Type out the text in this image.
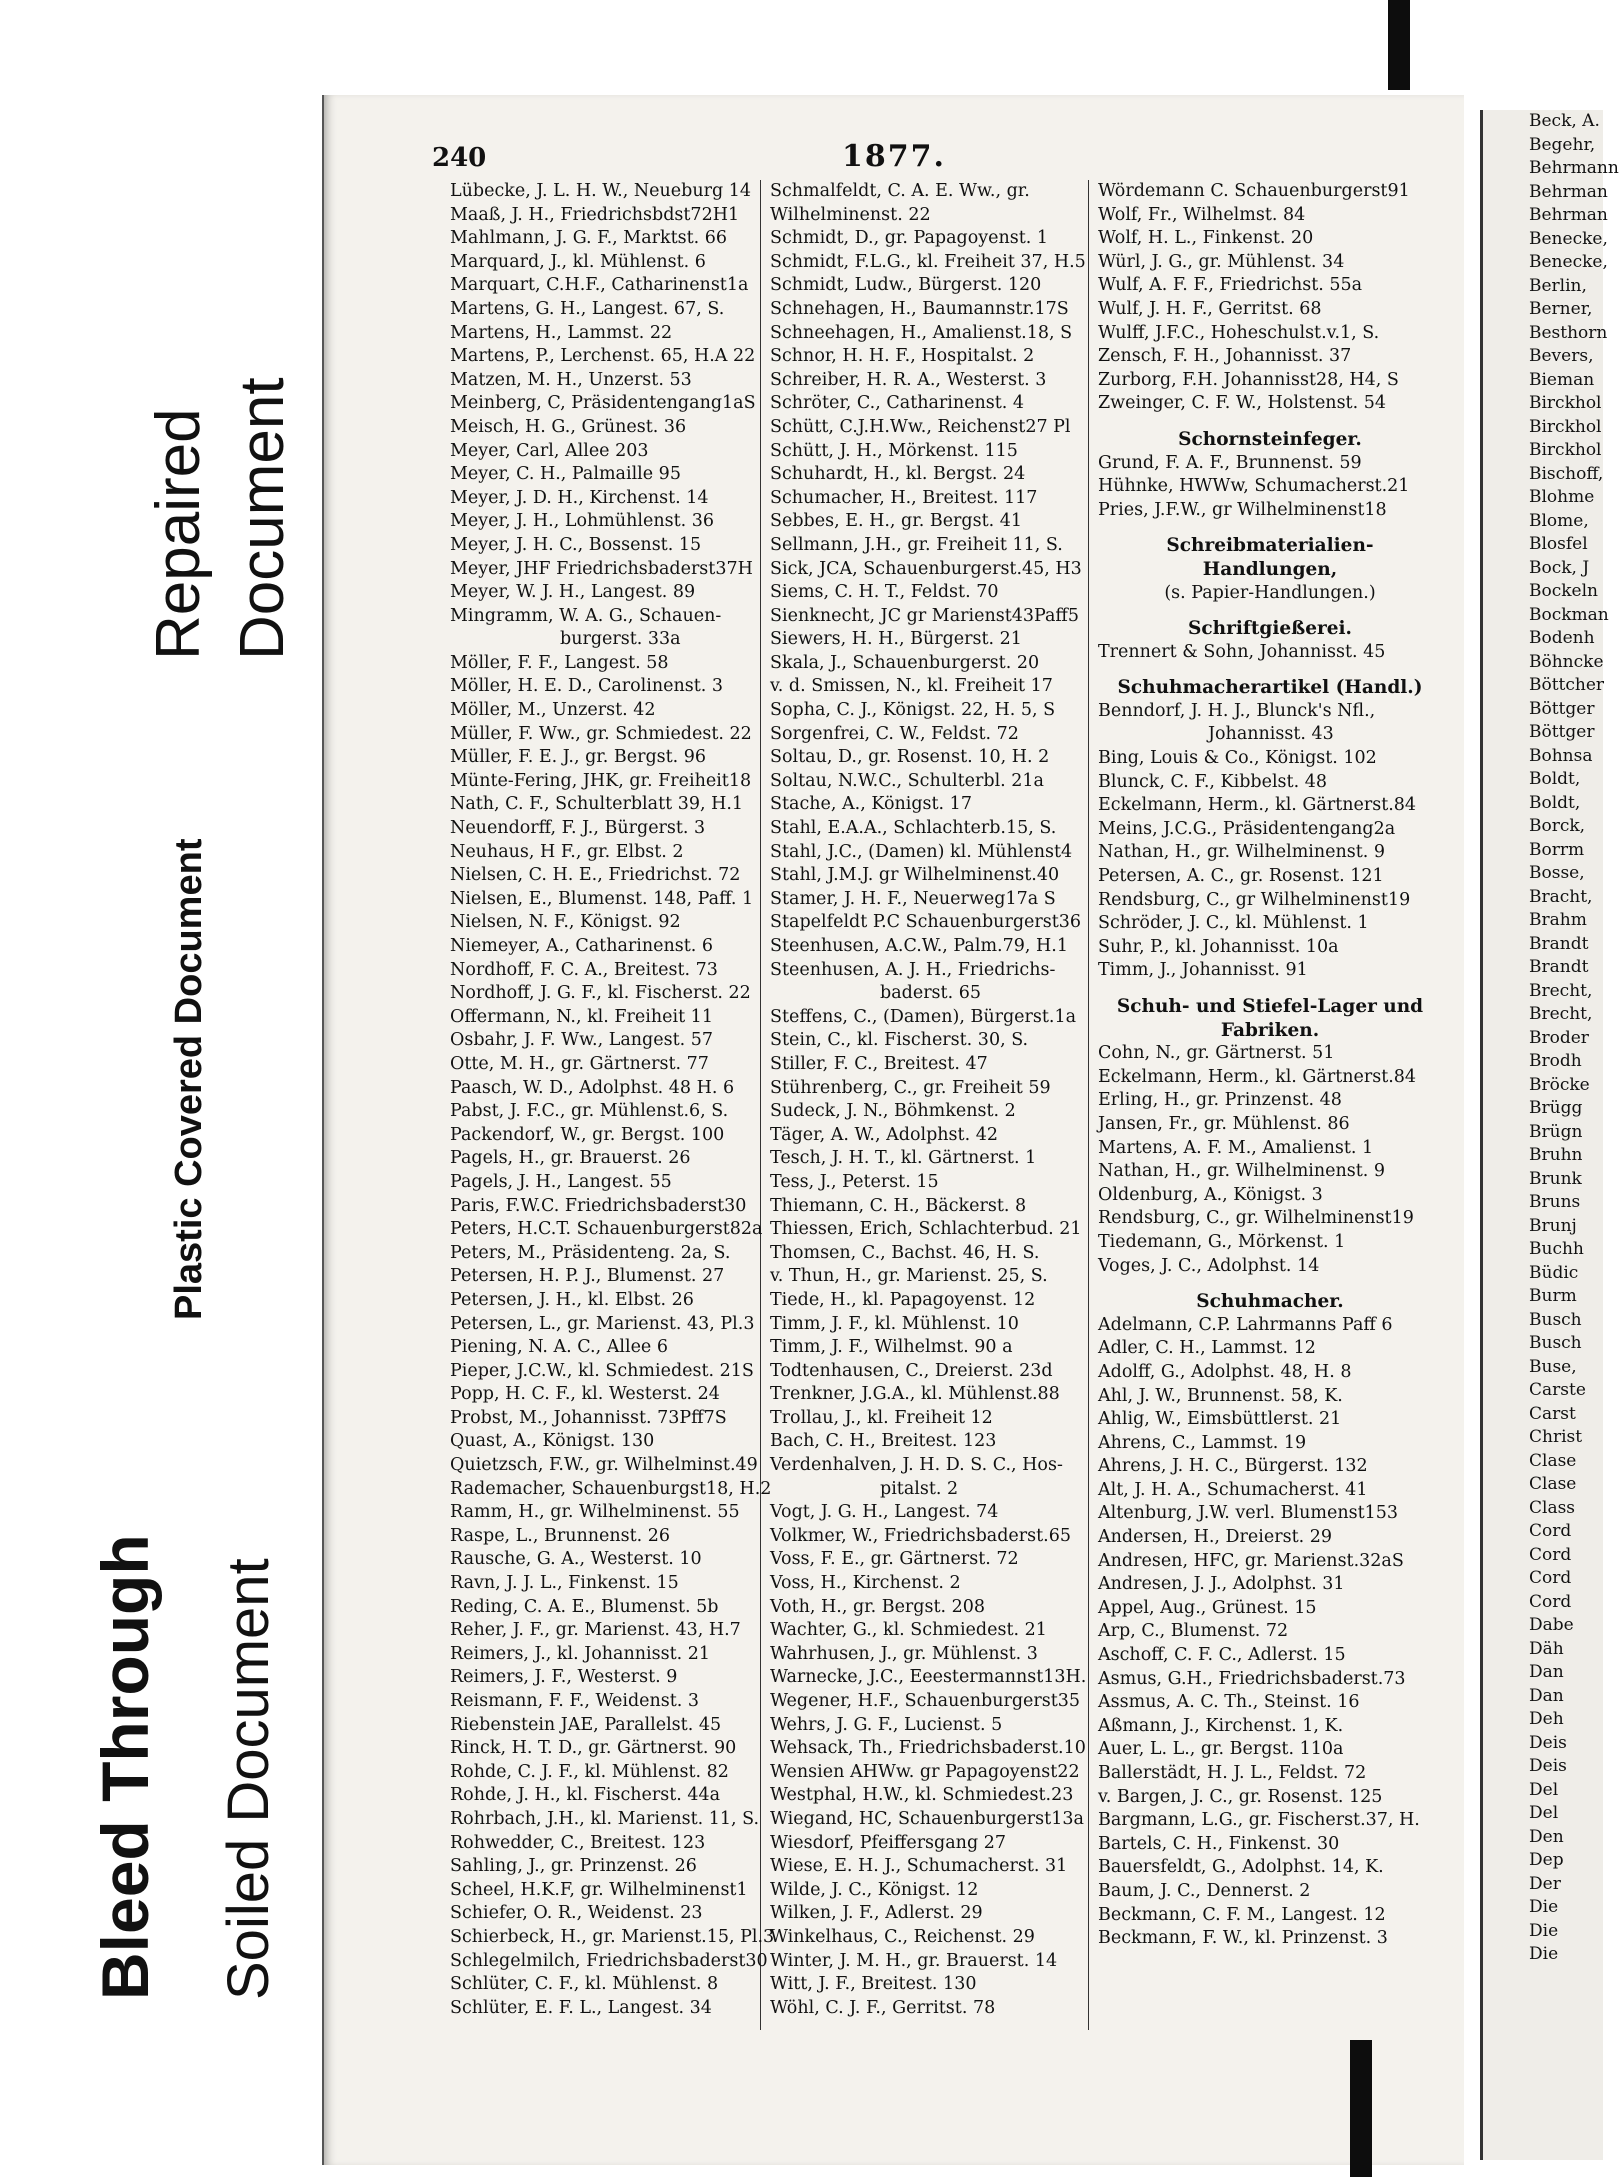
Repaired Document
Plastic Covered Document
Bleed Through Soiled Document
Beck, A.
Begehr,
Behrmann
Behrman
Behrman
Benecke,
Benecke,
Berlin,
Berner,
Besthorn
Bevers,
Bieman
Birckhol
Birckhol
Birckhol
Bischoff,
Blohme
Blome,
Blosfel
Bock, J
Bockeln
Bockman
Bodenh
Böhncke
Böttcher
Böttger
Böttger
Bohnsa
Boldt,
Boldt,
Borck,
Borrm
Bosse,
Bracht,
Brahm
Brandt
Brandt
Brecht,
Brecht,
Broder
Brodh
Bröcke
Brügg
Brügn
Bruhn
Brunk
Bruns
Brunj
Buchh
Büdic
Burm
Busch
Busch
Buse,
Carste
Carst
Christ
Clase
Clase
Class
Cord
Cord
Cord
Cord
Dabe
Däh
Dan
Dan
Deh
Deis
Deis
Del
Del
Den
Dep
Der
Die
Die
Die
240	1877.
Lübecke, J. L. H. W., Neueburg 14
Maaß, J. H., Friedrichsbdst72H1
Mahlmann, J. G. F., Marktst. 66
Marquard, J., kl. Mühlenst. 6
Marquart, C.H.F., Catharinenst1a
Martens, G. H., Langest. 67, S.
Martens, H., Lammst. 22
Martens, P., Lerchenst. 65, H.A 22
Matzen, M. H., Unzerst. 53
Meinberg, C, Präsidentengang1aS
Meisch, H. G., Grünest. 36
Meyer, Carl, Allee 203
Meyer, C. H., Palmaille 95
Meyer, J. D. H., Kirchenst. 14
Meyer, J. H., Lohmühlenst. 36
Meyer, J. H. C., Bossenst. 15
Meyer, JHF Friedrichsbaderst37H
Meyer, W. J. H., Langest. 89
Mingramm, W. A. G., Schauen-
burgerst. 33a
Möller, F. F., Langest. 58
Möller, H. E. D., Carolinenst. 3
Möller, M., Unzerst. 42
Müller, F. Ww., gr. Schmiedest. 22
Müller, F. E. J., gr. Bergst. 96
Münte-Fering, JHK, gr. Freiheit18
Nath, C. F., Schulterblatt 39, H.1
Neuendorff, F. J., Bürgerst. 3
Neuhaus, H F., gr. Elbst. 2
Nielsen, C. H. E., Friedrichst. 72
Nielsen, E., Blumenst. 148, Paff. 1
Nielsen, N. F., Königst. 92
Niemeyer, A., Catharinenst. 6
Nordhoff, F. C. A., Breitest. 73
Nordhoff, J. G. F., kl. Fischerst. 22
Offermann, N., kl. Freiheit 11
Osbahr, J. F. Ww., Langest. 57
Otte, M. H., gr. Gärtnerst. 77
Paasch, W. D., Adolphst. 48 H. 6
Pabst, J. F.C., gr. Mühlenst.6, S.
Packendorf, W., gr. Bergst. 100
Pagels, H., gr. Brauerst. 26
Pagels, J. H., Langest. 55
Paris, F.W.C. Friedrichsbaderst30
Peters, H.C.T. Schauenburgerst82a
Peters, M., Präsidenteng. 2a, S.
Petersen, H. P. J., Blumenst. 27
Petersen, J. H., kl. Elbst. 26
Petersen, L., gr. Marienst. 43, Pl.3
Piening, N. A. C., Allee 6
Pieper, J.C.W., kl. Schmiedest. 21S
Popp, H. C. F., kl. Westerst. 24
Probst, M., Johannisst. 73Pff7S
Quast, A., Königst. 130
Quietzsch, F.W., gr. Wilhelminst.49
Rademacher, Schauenburgst18, H.2
Ramm, H., gr. Wilhelminenst. 55
Raspe, L., Brunnenst. 26
Rausche, G. A., Westerst. 10
Ravn, J. J. L., Finkenst. 15
Reding, C. A. E., Blumenst. 5b
Reher, J. F., gr. Marienst. 43, H.7
Reimers, J., kl. Johannisst. 21
Reimers, J. F., Westerst. 9
Reismann, F. F., Weidenst. 3
Riebenstein JAE, Parallelst. 45
Rinck, H. T. D., gr. Gärtnerst. 90
Rohde, C. J. F., kl. Mühlenst. 82
Rohde, J. H., kl. Fischerst. 44a
Rohrbach, J.H., kl. Marienst. 11, S.
Rohwedder, C., Breitest. 123
Sahling, J., gr. Prinzenst. 26
Scheel, H.K.F, gr. Wilhelminenst1
Schiefer, O. R., Weidenst. 23
Schierbeck, H., gr. Marienst.15, Pl.3
Schlegelmilch, Friedrichsbaderst30
Schlüter, C. F., kl. Mühlenst. 8
Schlüter, E. F. L., Langest. 34
Schmalfeldt, C. A. E. Ww., gr.
Wilhelminenst. 22
Schmidt, D., gr. Papagoyenst. 1
Schmidt, F.L.G., kl. Freiheit 37, H.5
Schmidt, Ludw., Bürgerst. 120
Schnehagen, H., Baumannstr.17S
Schneehagen, H., Amalienst.18, S
Schnor, H. H. F., Hospitalst. 2
Schreiber, H. R. A., Westerst. 3
Schröter, C., Catharinenst. 4
Schütt, C.J.H.Ww., Reichenst27 Pl
Schütt, J. H., Mörkenst. 115
Schuhardt, H., kl. Bergst. 24
Schumacher, H., Breitest. 117
Sebbes, E. H., gr. Bergst. 41
Sellmann, J.H., gr. Freiheit 11, S.
Sick, JCA, Schauenburgerst.45, H3
Siems, C. H. T., Feldst. 70
Sienknecht, JC gr Marienst43Paff5
Siewers, H. H., Bürgerst. 21
Skala, J., Schauenburgerst. 20
v. d. Smissen, N., kl. Freiheit 17
Sopha, C. J., Königst. 22, H. 5, S
Sorgenfrei, C. W., Feldst. 72
Soltau, D., gr. Rosenst. 10, H. 2
Soltau, N.W.C., Schulterbl. 21a
Stache, A., Königst. 17
Stahl, E.A.A., Schlachterb.15, S.
Stahl, J.C., (Damen) kl. Mühlenst4
Stahl, J.M.J. gr Wilhelminenst.40
Stamer, J. H. F., Neuerweg17a S
Stapelfeldt P.C Schauenburgerst36
Steenhusen, A.C.W., Palm.79, H.1
Steenhusen, A. J. H., Friedrichs-
baderst. 65
Steffens, C., (Damen), Bürgerst.1a
Stein, C., kl. Fischerst. 30, S.
Stiller, F. C., Breitest. 47
Stührenberg, C., gr. Freiheit 59
Sudeck, J. N., Böhmkenst. 2
Täger, A. W., Adolphst. 42
Tesch, J. H. T., kl. Gärtnerst. 1
Tess, J., Peterst. 15
Thiemann, C. H., Bäckerst. 8
Thiessen, Erich, Schlachterbud. 21
Thomsen, C., Bachst. 46, H. S.
v. Thun, H., gr. Marienst. 25, S.
Tiede, H., kl. Papagoyenst. 12
Timm, J. F., kl. Mühlenst. 10
Timm, J. F., Wilhelmst. 90 a
Todtenhausen, C., Dreierst. 23d
Trenkner, J.G.A., kl. Mühlenst.88
Trollau, J., kl. Freiheit 12
Bach, C. H., Breitest. 123
Verdenhalven, J. H. D. S. C., Hos-
pitalst. 2
Vogt, J. G. H., Langest. 74
Volkmer, W., Friedrichsbaderst.65
Voss, F. E., gr. Gärtnerst. 72
Voss, H., Kirchenst. 2
Voth, H., gr. Bergst. 208
Wachter, G., kl. Schmiedest. 21
Wahrhusen, J., gr. Mühlenst. 3
Warnecke, J.C., Eeestermannst13H.
Wegener, H.F., Schauenburgerst35
Wehrs, J. G. F., Lucienst. 5
Wehsack, Th., Friedrichsbaderst.10
Wensien AHWw. gr Papagoyenst22
Westphal, H.W., kl. Schmiedest.23
Wiegand, HC, Schauenburgerst13a
Wiesdorf, Pfeiffersgang 27
Wiese, E. H. J., Schumacherst. 31
Wilde, J. C., Königst. 12
Wilken, J. F., Adlerst. 29
Winkelhaus, C., Reichenst. 29
Winter, J. M. H., gr. Brauerst. 14
Witt, J. F., Breitest. 130
Wöhl, C. J. F., Gerritst. 78
Wördemann C. Schauenburgerst91
Wolf, Fr., Wilhelmst. 84
Wolf, H. L., Finkenst. 20
Würl, J. G., gr. Mühlenst. 34
Wulf, A. F. F., Friedrichst. 55a
Wulf, J. H. F., Gerritst. 68
Wulff, J.F.C., Hoheschulst.v.1, S.
Zensch, F. H., Johannisst. 37
Zurborg, F.H. Johannisst28, H4, S
Zweinger, C. F. W., Holstenst. 54
Schornsteinfeger.
Grund, F. A. F., Brunnenst. 59
Hühnke, HWWw, Schumacherst.21
Pries, J.F.W., gr Wilhelminenst18
Schreibmaterialien-
Handlungen,
(s. Papier-Handlungen.)
Schriftgießerei.
Trennert & Sohn, Johannisst. 45
Schuhmacherartikel (Handl.)
Benndorf, J. H. J., Blunck's Nfl.,
Johannisst. 43
Bing, Louis & Co., Königst. 102
Blunck, C. F., Kibbelst. 48
Eckelmann, Herm., kl. Gärtnerst.84
Meins, J.C.G., Präsidentengang2a
Nathan, H., gr. Wilhelminenst. 9
Petersen, A. C., gr. Rosenst. 121
Rendsburg, C., gr Wilhelminenst19
Schröder, J. C., kl. Mühlenst. 1
Suhr, P., kl. Johannisst. 10a
Timm, J., Johannisst. 91
Schuh- und Stiefel-Lager und
Fabriken.
Cohn, N., gr. Gärtnerst. 51
Eckelmann, Herm., kl. Gärtnerst.84
Erling, H., gr. Prinzenst. 48
Jansen, Fr., gr. Mühlenst. 86
Martens, A. F. M., Amalienst. 1
Nathan, H., gr. Wilhelminenst. 9
Oldenburg, A., Königst. 3
Rendsburg, C., gr. Wilhelminenst19
Tiedemann, G., Mörkenst. 1
Voges, J. C., Adolphst. 14
Schuhmacher.
Adelmann, C.P. Lahrmanns Paff 6
Adler, C. H., Lammst. 12
Adolff, G., Adolphst. 48, H. 8
Ahl, J. W., Brunnenst. 58, K.
Ahlig, W., Eimsbüttlerst. 21
Ahrens, C., Lammst. 19
Ahrens, J. H. C., Bürgerst. 132
Alt, J. H. A., Schumacherst. 41
Altenburg, J.W. verl. Blumenst153
Andersen, H., Dreierst. 29
Andresen, HFC, gr. Marienst.32aS
Andresen, J. J., Adolphst. 31
Appel, Aug., Grünest. 15
Arp, C., Blumenst. 72
Aschoff, C. F. C., Adlerst. 15
Asmus, G.H., Friedrichsbaderst.73
Assmus, A. C. Th., Steinst. 16
Aßmann, J., Kirchenst. 1, K.
Auer, L. L., gr. Bergst. 110a
Ballerstädt, H. J. L., Feldst. 72
v. Bargen, J. C., gr. Rosenst. 125
Bargmann, L.G., gr. Fischerst.37, H.
Bartels, C. H., Finkenst. 30
Bauersfeldt, G., Adolphst. 14, K.
Baum, J. C., Dennerst. 2
Beckmann, C. F. M., Langest. 12
Beckmann, F. W., kl. Prinzenst. 3
